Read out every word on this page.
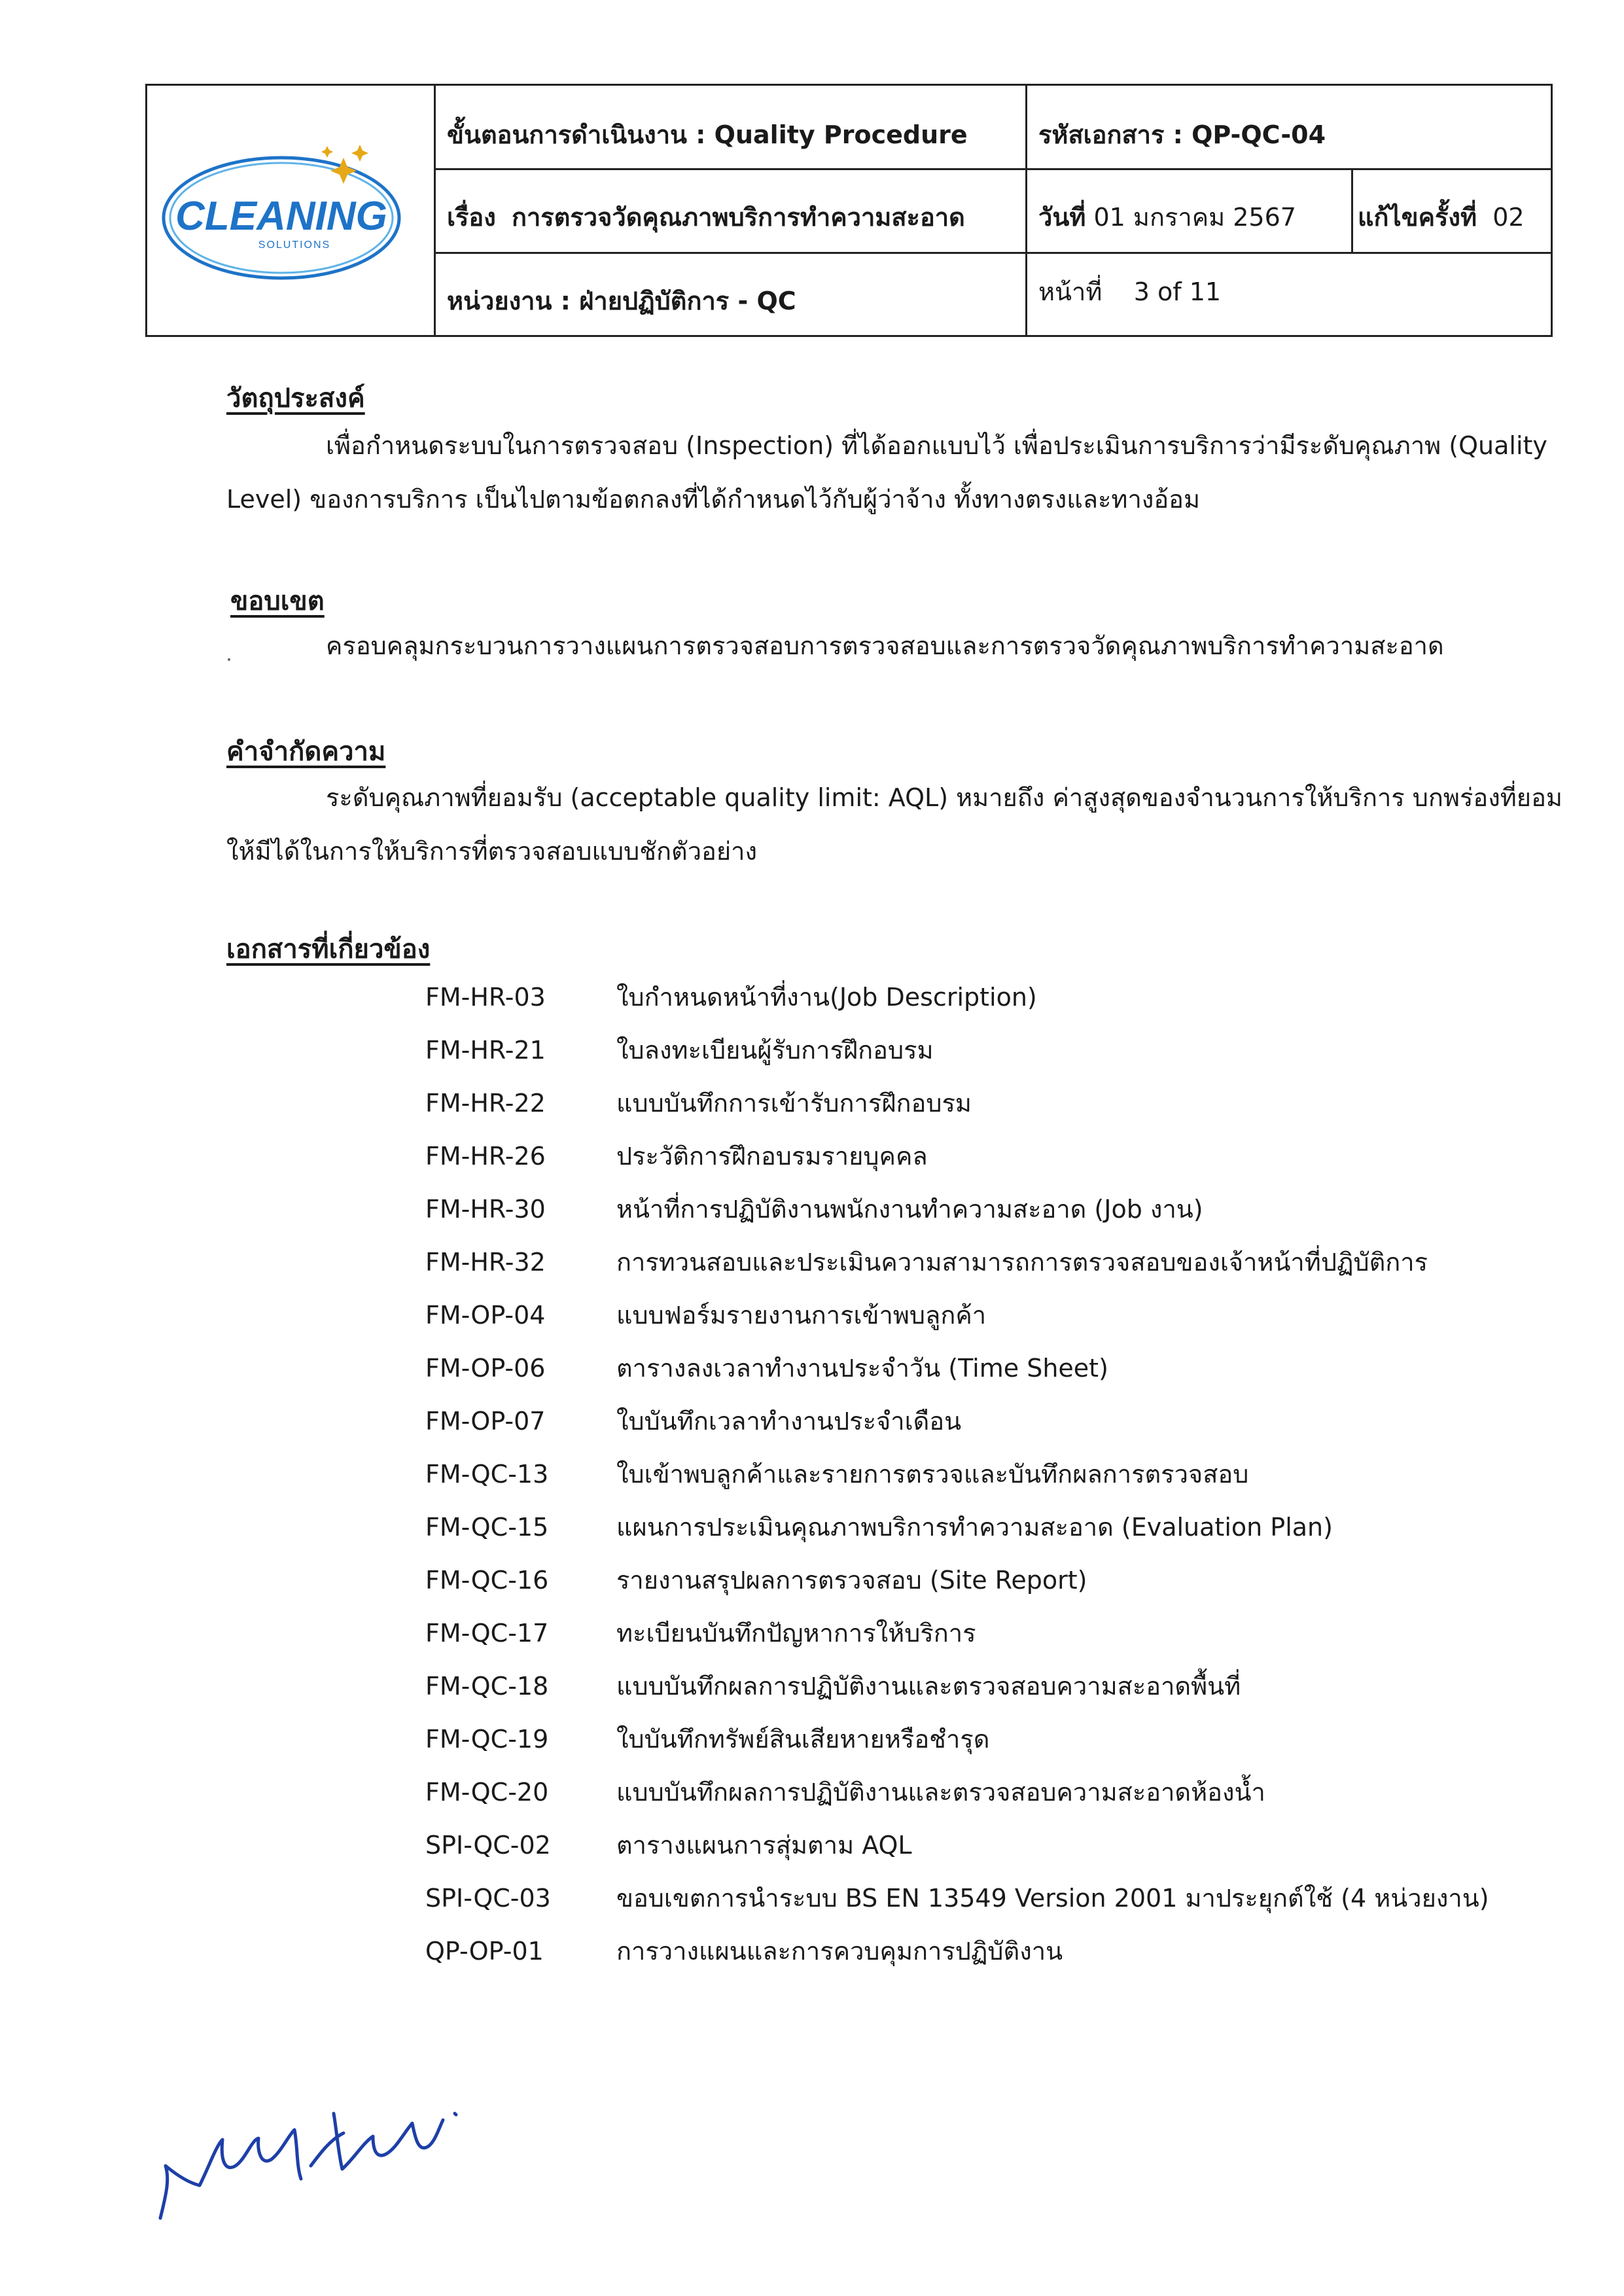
CLEANING
SOLUTIONS
ขั้นตอนการดำเนินงาน : Quality Procedure	รหัสเอกสาร : QP-QC-04
เรื่อง การตรวจวัดคุณภาพบริการทำความสะอาด	วันที่ 01 มกราคม 2567 แก้ไขครั้งที่ 02
หน่วยงาน : ฝ่ายปฏิบัติการ - QC	หน้าที่ 3 of 11
วัตถุประสงค์
เพื่อกำหนดระบบในการตรวจสอบ (Inspection) ที่ได้ออกแบบไว้ เพื่อประเมินการบริการว่ามีระดับคุณภาพ (Quality
Level) ของการบริการ เป็นไปตามข้อตกลงที่ได้กำหนดไว้กับผู้ว่าจ้าง ทั้งทางตรงและทางอ้อม
ขอบเขต
ครอบคลุมกระบวนการวางแผนการตรวจสอบการตรวจสอบและการตรวจวัดคุณภาพบริการทำความสะอาด
คำจำกัดความ
ระดับคุณภาพที่ยอมรับ (acceptable quality limit: AQL) หมายถึง ค่าสูงสุดของจำนวนการให้บริการ บกพร่องที่ยอม
ให้มีได้ในการให้บริการที่ตรวจสอบแบบชักตัวอย่าง
เอกสารที่เกี่ยวข้อง
FM-HR-03	ใบกำหนดหน้าที่งาน(Job Description)
FM-HR-21	ใบลงทะเบียนผู้รับการฝึกอบรม
FM-HR-22	แบบบันทึกการเข้ารับการฝึกอบรม
FM-HR-26	ประวัติการฝึกอบรมรายบุคคล
FM-HR-30	หน้าที่การปฏิบัติงานพนักงานทำความสะอาด (Job งาน)
FM-HR-32	การทวนสอบและประเมินความสามารถการตรวจสอบของเจ้าหน้าที่ปฏิบัติการ
FM-OP-04	แบบฟอร์มรายงานการเข้าพบลูกค้า
FM-OP-06	ตารางลงเวลาทำงานประจำวัน (Time Sheet)
FM-OP-07	ใบบันทึกเวลาทำงานประจำเดือน
FM-QC-13	ใบเข้าพบลูกค้าและรายการตรวจและบันทึกผลการตรวจสอบ
FM-QC-15	แผนการประเมินคุณภาพบริการทำความสะอาด (Evaluation Plan)
FM-QC-16	รายงานสรุปผลการตรวจสอบ (Site Report)
FM-QC-17	ทะเบียนบันทึกปัญหาการให้บริการ
FM-QC-18	แบบบันทึกผลการปฏิบัติงานและตรวจสอบความสะอาดพื้นที่
FM-QC-19	ใบบันทึกทรัพย์สินเสียหายหรือชำรุด
FM-QC-20	แบบบันทึกผลการปฏิบัติงานและตรวจสอบความสะอาดห้องน้ำ
SPI-QC-02	ตารางแผนการสุ่มตาม AQL
SPI-QC-03	ขอบเขตการนำระบบ BS EN 13549 Version 2001 มาประยุกต์ใช้ (4 หน่วยงาน)
QP-OP-01	การวางแผนและการควบคุมการปฏิบัติงาน
